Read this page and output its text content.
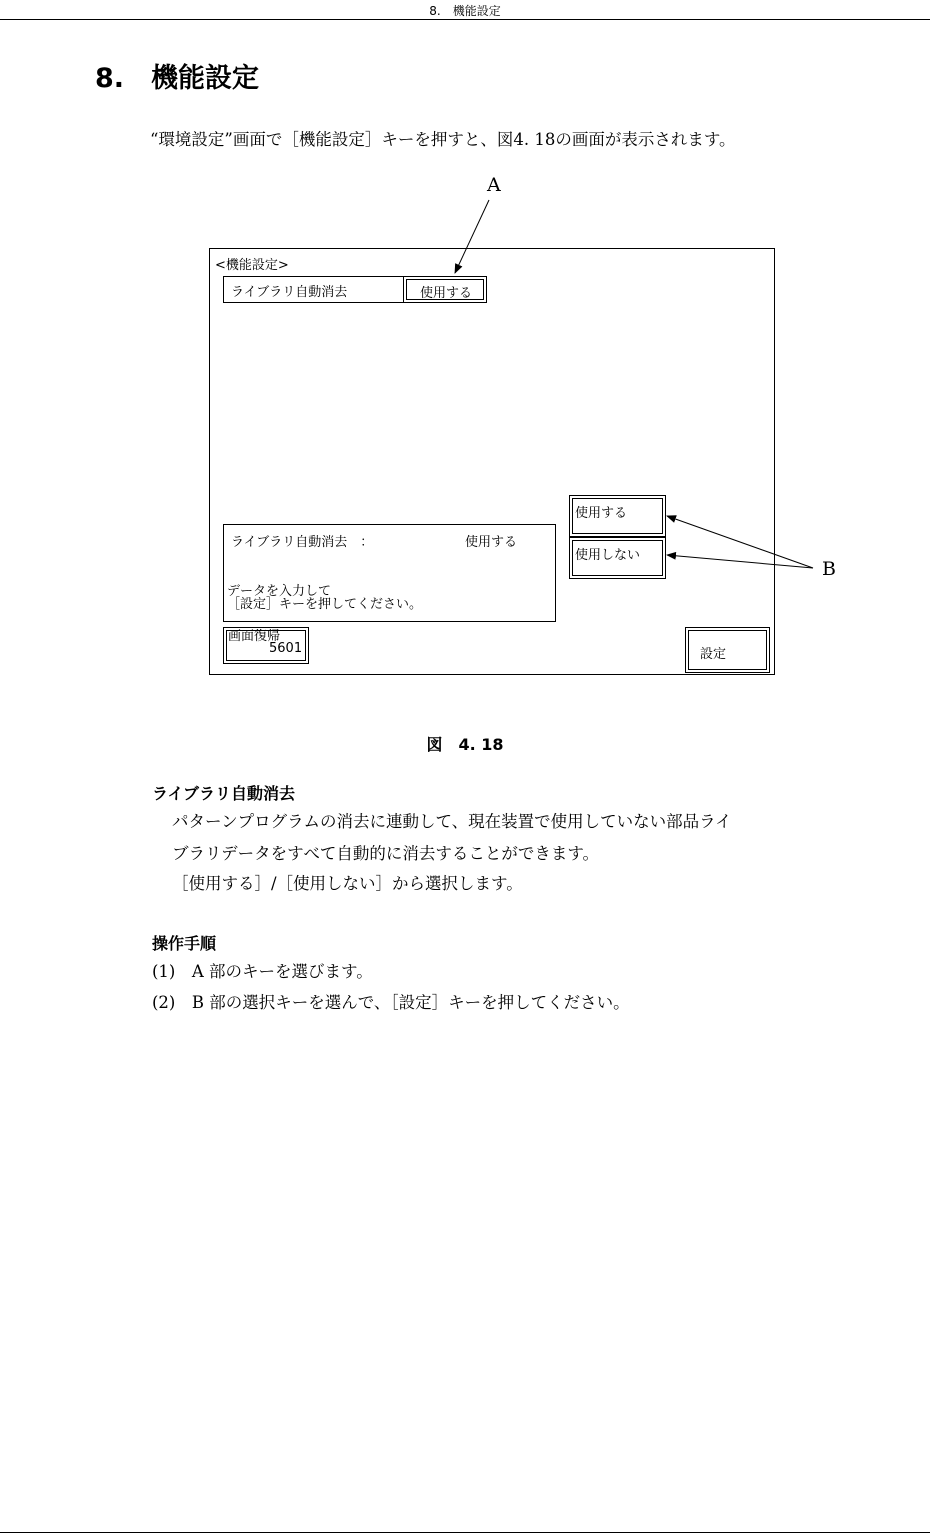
8.　機能設定
8.　機能設定
“環境設定”画面で［機能設定］キーを押すと、図4. 18の画面が表示されます。
A
B
<機能設定>
ライブラリ自動消去	使用する
ライブラリ自動消去　：	使用する
データを入力して
［設定］キーを押してください。
使用する
使用しない
画面復帰
5601	設定
図　4. 18
ライブラリ自動消去
パターンプログラムの消去に連動して、現在装置で使用していない部品ライ
ブラリデータをすべて自動的に消去することができます。
［使用する］/［使用しない］から選択します。
操作手順
(1)　A 部のキーを選びます。
(2)　B 部の選択キーを選んで、［設定］キーを押してください。
